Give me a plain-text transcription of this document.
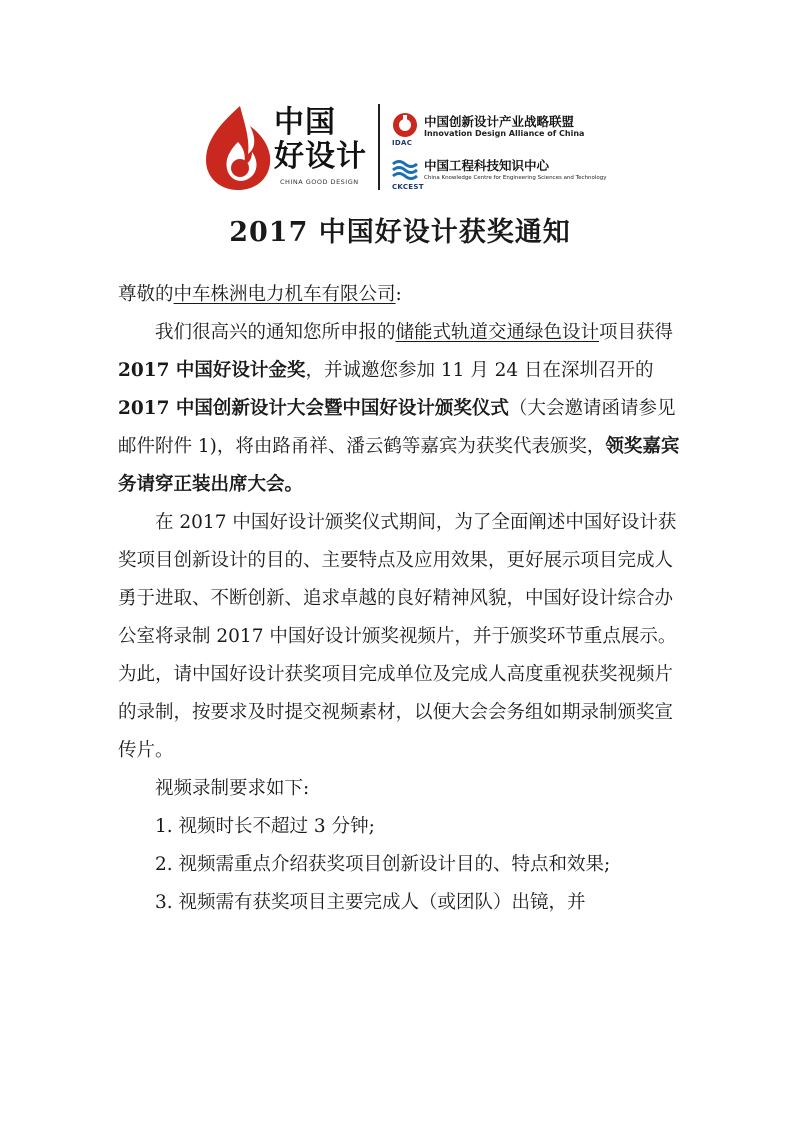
中国
好设计
CHINA GOOD DESIGN
IDAC
中国创新设计产业战略联盟
Innovation Design Alliance of China
CKCEST
中国工程科技知识中心
China Knowledge Centre for Engineering Sciences and Technology
2017 中国好设计获奖通知

尊敬的中车株洲电力机车有限公司:

我们很高兴的通知您所申报的储能式轨道交通绿色设计项目获得2017 中国好设计金奖，并诚邀您参加 11 月 24 日在深圳召开的2017 中国创新设计大会暨中国好设计颁奖仪式（大会邀请函请参见邮件附件 1)，将由路甬祥、潘云鹤等嘉宾为获奖代表颁奖，领奖嘉宾务请穿正装出席大会。

在 2017 中国好设计颁奖仪式期间，为了全面阐述中国好设计获奖项目创新设计的目的、主要特点及应用效果，更好展示项目完成人勇于进取、不断创新、追求卓越的良好精神风貌，中国好设计综合办公室将录制 2017 中国好设计颁奖视频片，并于颁奖环节重点展示。为此，请中国好设计获奖项目完成单位及完成人高度重视获奖视频片的录制，按要求及时提交视频素材，以便大会会务组如期录制颁奖宣传片。

视频录制要求如下:

1. 视频时长不超过 3 分钟;

2. 视频需重点介绍获奖项目创新设计目的、特点和效果;

3. 视频需有获奖项目主要完成人（或团队）出镜，并
